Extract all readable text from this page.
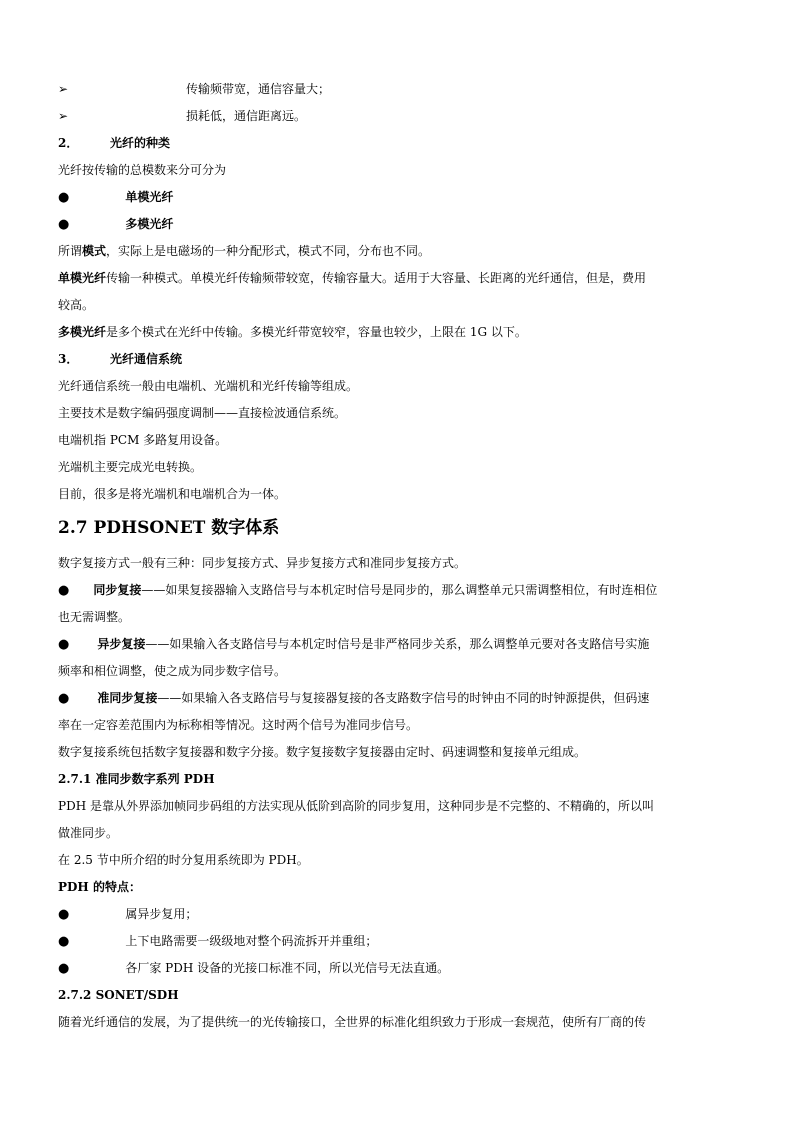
➢	传输频带宽，通信容量大；
➢	损耗低，通信距离远。
2．	光纤的种类
光纤按传输的总模数来分可分为
●	单模光纤
●	多模光纤
所谓模式，实际上是电磁场的一种分配形式，模式不同，分布也不同。
单模光纤传输一种模式。单模光纤传输频带较宽，传输容量大。适用于大容量、长距离的光纤通信，但是，费用
较高。
多模光纤是多个模式在光纤中传输。多模光纤带宽较窄，容量也较少，上限在 1G 以下。
3．	光纤通信系统
光纤通信系统一般由电端机、光端机和光纤传输等组成。
主要技术是数字编码强度调制——直接检波通信系统。
电端机指 PCM 多路复用设备。
光端机主要完成光电转换。
目前，很多是将光端机和电端机合为一体。
2.7 PDHSONET 数字体系
数字复接方式一般有三种：同步复接方式、异步复接方式和准同步复接方式。
● 同步复接——如果复接器输入支路信号与本机定时信号是同步的，那么调整单元只需调整相位，有时连相位
也无需调整。
● 异步复接——如果输入各支路信号与本机定时信号是非严格同步关系，那么调整单元要对各支路信号实施
频率和相位调整，使之成为同步数字信号。
● 准同步复接——如果输入各支路信号与复接器复接的各支路数字信号的时钟由不同的时钟源提供，但码速
率在一定容差范围内为标称相等情况。这时两个信号为准同步信号。
数字复接系统包括数字复接器和数字分接。数字复接数字复接器由定时、码速调整和复接单元组成。
2.7.1 准同步数字系列 PDH
PDH 是靠从外界添加帧同步码组的方法实现从低阶到高阶的同步复用，这种同步是不完整的、不精确的，所以叫
做准同步。
在 2.5 节中所介绍的时分复用系统即为 PDH。
PDH 的特点：
●	属异步复用；
●	上下电路需要一级级地对整个码流拆开并重组；
●	各厂家 PDH 设备的光接口标准不同，所以光信号无法直通。
2.7.2 SONET/SDH
随着光纤通信的发展，为了提供统一的光传输接口，全世界的标准化组织致力于形成一套规范，使所有厂商的传
